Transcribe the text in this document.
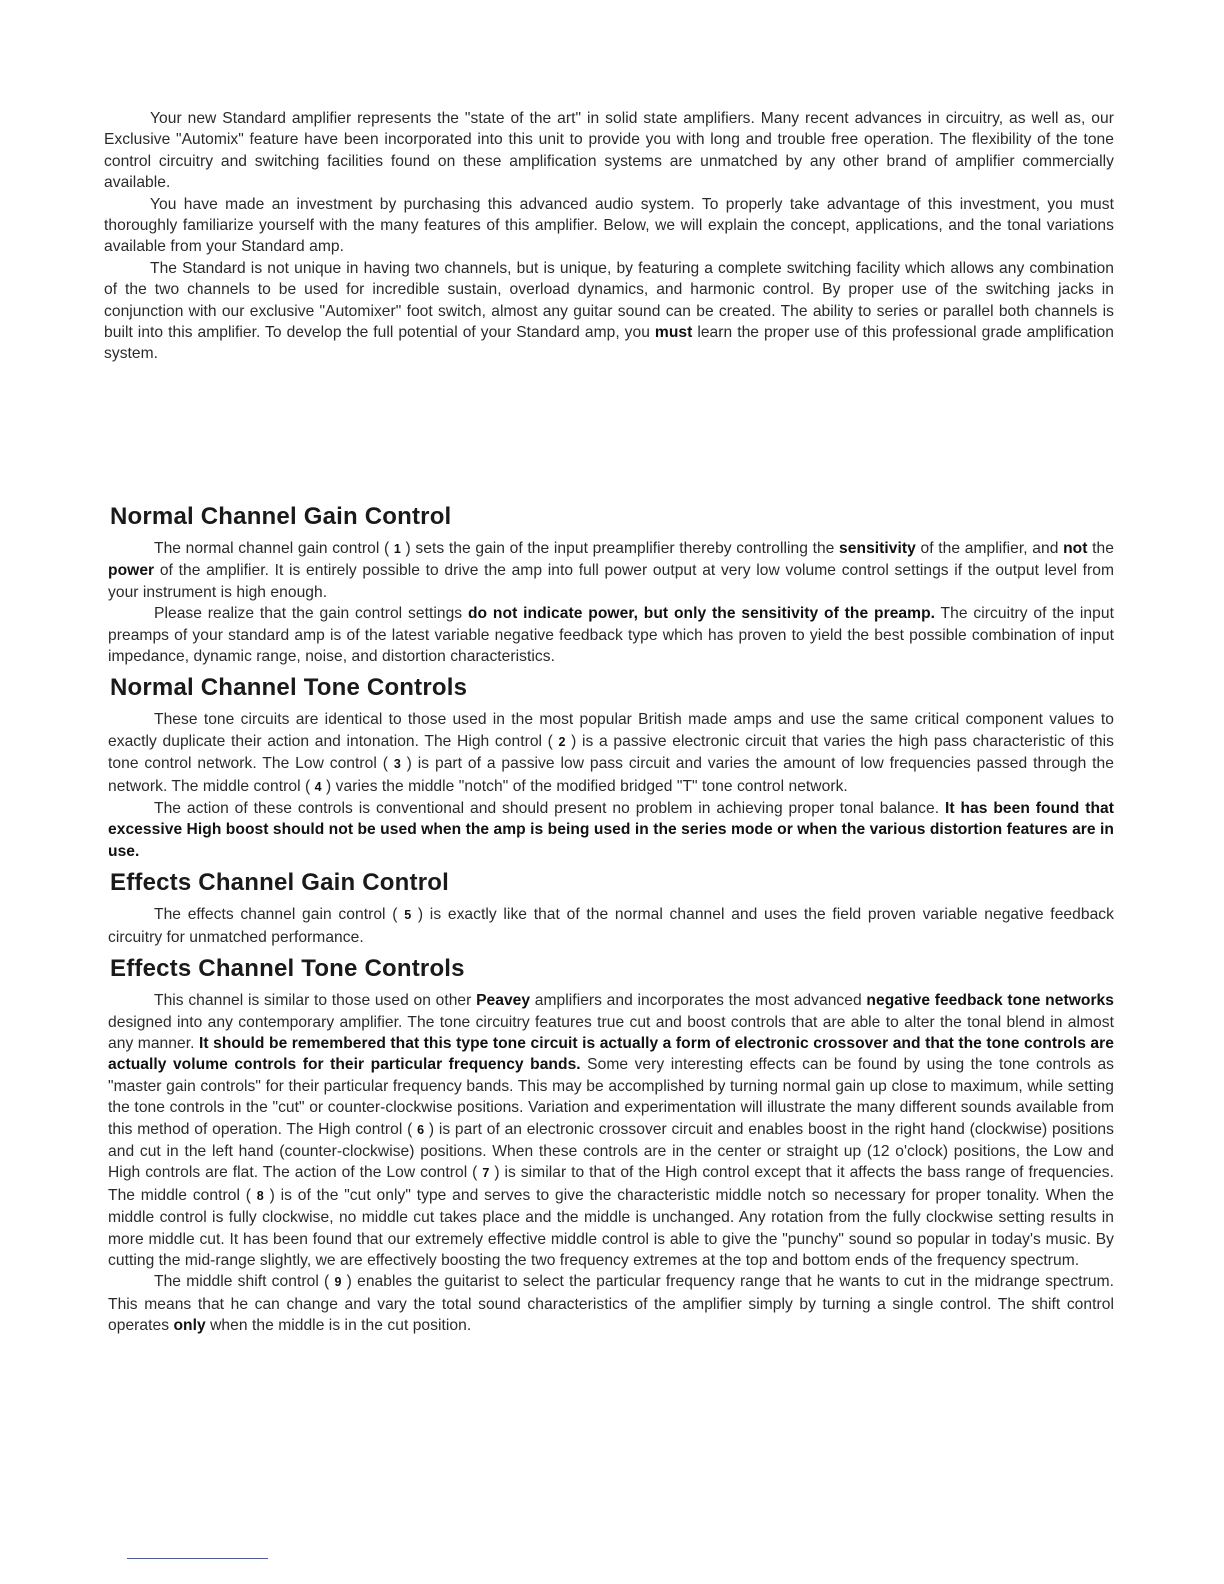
Your new Standard amplifier represents the "state of the art" in solid state amplifiers. Many recent advances in circuitry, as well as, our Exclusive "Automix" feature have been incorporated into this unit to provide you with long and trouble free operation. The flexibility of the tone control circuitry and switching facilities found on these amplification systems are unmatched by any other brand of amplifier commercially available.

You have made an investment by purchasing this advanced audio system. To properly take advantage of this investment, you must thoroughly familiarize yourself with the many features of this amplifier. Below, we will explain the concept, applications, and the tonal variations available from your Standard amp.

The Standard is not unique in having two channels, but is unique, by featuring a complete switching facility which allows any combination of the two channels to be used for incredible sustain, overload dynamics, and harmonic control. By proper use of the switching jacks in conjunction with our exclusive "Automixer" foot switch, almost any guitar sound can be created. The ability to series or parallel both channels is built into this amplifier. To develop the full potential of your Standard amp, you must learn the proper use of this professional grade amplification system.

Normal Channel Gain Control

The normal channel gain control ( 1 ) sets the gain of the input preamplifier thereby controlling the sensitivity of the amplifier, and not the power of the amplifier. It is entirely possible to drive the amp into full power output at very low volume control settings if the output level from your instrument is high enough.

Please realize that the gain control settings do not indicate power, but only the sensitivity of the preamp. The circuitry of the input preamps of your standard amp is of the latest variable negative feedback type which has proven to yield the best possible combination of input impedance, dynamic range, noise, and distortion characteristics.

Normal Channel Tone Controls

These tone circuits are identical to those used in the most popular British made amps and use the same critical component values to exactly duplicate their action and intonation. The High control ( 2 ) is a passive electronic circuit that varies the high pass characteristic of this tone control network. The Low control ( 3 ) is part of a passive low pass circuit and varies the amount of low frequencies passed through the network. The middle control ( 4 ) varies the middle "notch" of the modified bridged "T" tone control network.

The action of these controls is conventional and should present no problem in achieving proper tonal balance. It has been found that excessive High boost should not be used when the amp is being used in the series mode or when the various distortion features are in use.

Effects Channel Gain Control

The effects channel gain control ( 5 ) is exactly like that of the normal channel and uses the field proven variable negative feedback circuitry for unmatched performance.

Effects Channel Tone Controls

This channel is similar to those used on other Peavey amplifiers and incorporates the most advanced negative feedback tone networks designed into any contemporary amplifier. The tone circuitry features true cut and boost controls that are able to alter the tonal blend in almost any manner. It should be remembered that this type tone circuit is actually a form of electronic crossover and that the tone controls are actually volume controls for their particular frequency bands. Some very interesting effects can be found by using the tone controls as "master gain controls" for their particular frequency bands. This may be accomplished by turning normal gain up close to maximum, while setting the tone controls in the "cut" or counter-clockwise positions. Variation and experimentation will illustrate the many different sounds available from this method of operation. The High control ( 6 ) is part of an electronic crossover circuit and enables boost in the right hand (clockwise) positions and cut in the left hand (counter-clockwise) positions. When these controls are in the center or straight up (12 o'clock) positions, the Low and High controls are flat. The action of the Low control ( 7 ) is similar to that of the High control except that it affects the bass range of frequencies. The middle control ( 8 ) is of the "cut only" type and serves to give the characteristic middle notch so necessary for proper tonality. When the middle control is fully clockwise, no middle cut takes place and the middle is unchanged. Any rotation from the fully clockwise setting results in more middle cut. It has been found that our extremely effective middle control is able to give the "punchy" sound so popular in today's music. By cutting the mid-range slightly, we are effectively boosting the two frequency extremes at the top and bottom ends of the frequency spectrum.

The middle shift control ( 9 ) enables the guitarist to select the particular frequency range that he wants to cut in the midrange spectrum. This means that he can change and vary the total sound characteristics of the amplifier simply by turning a single control. The shift control operates only when the middle is in the cut position.
